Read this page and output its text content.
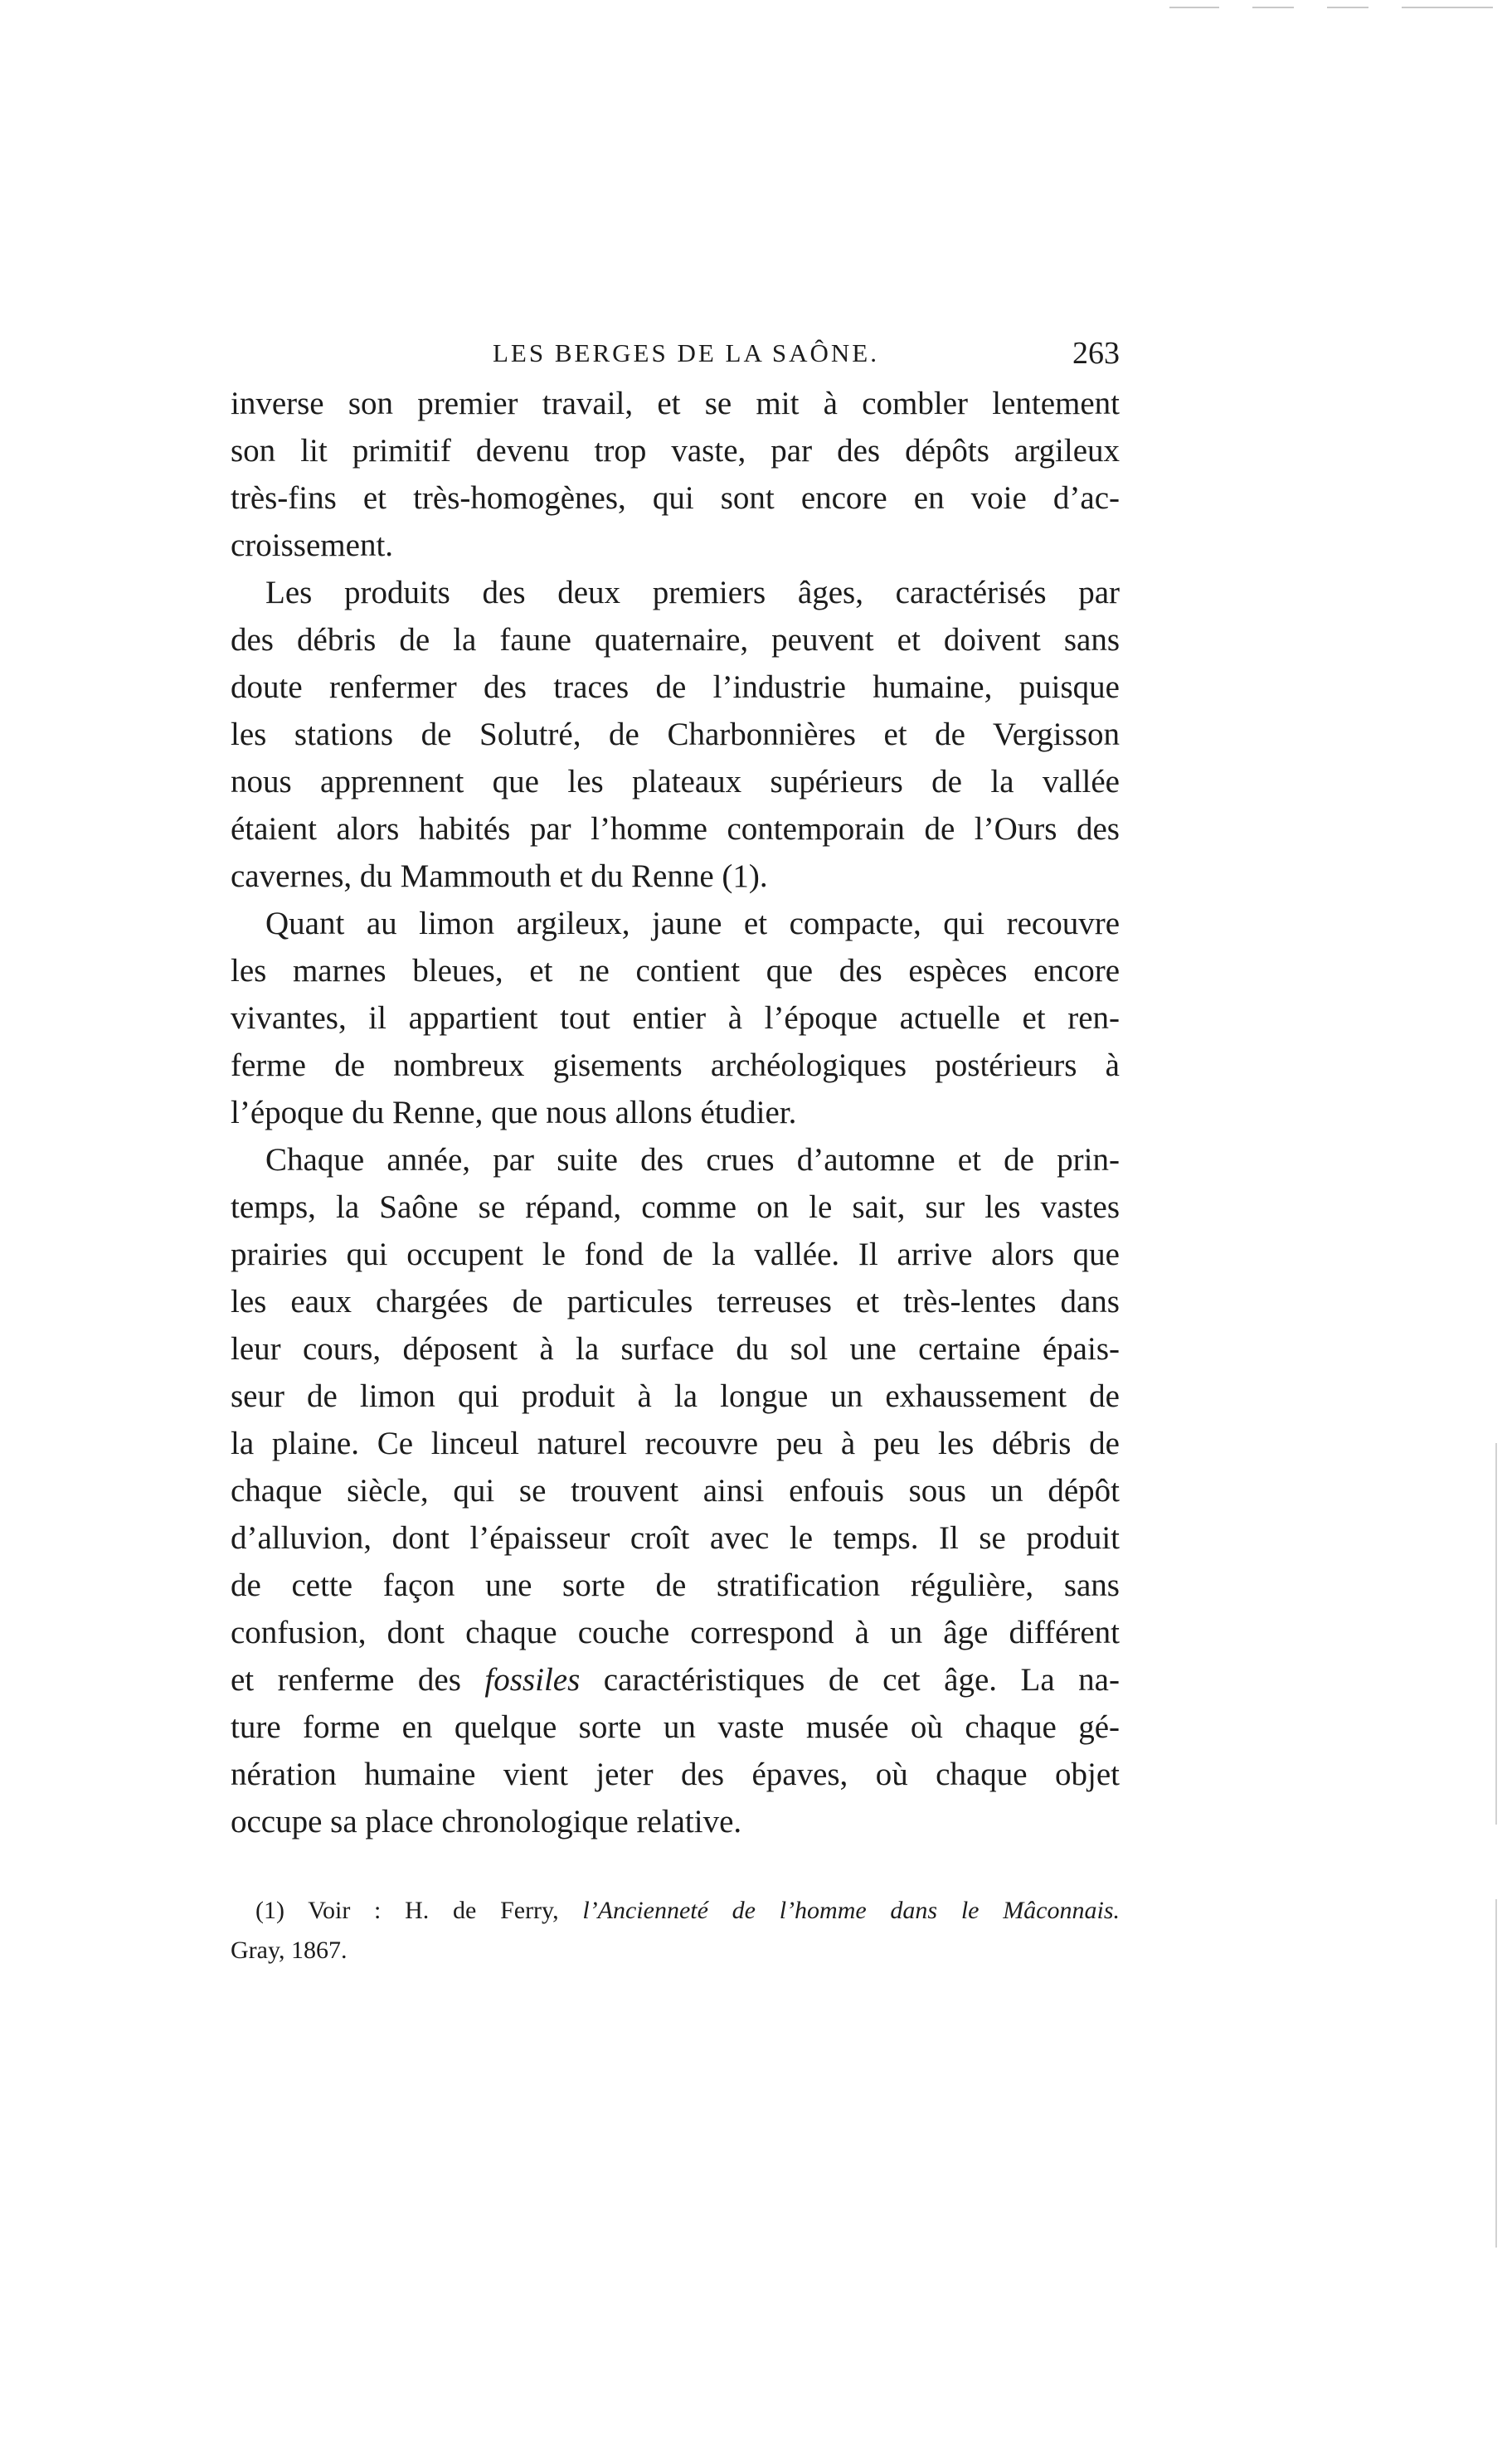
LES BERGES DE LA SAÔNE.	263
inverse son premier travail, et se mit à combler lentement
son lit primitif devenu trop vaste, par des dépôts argileux
très-fins et très-homogènes, qui sont encore en voie d’ac-
croissement.
Les produits des deux premiers âges, caractérisés par
des débris de la faune quaternaire, peuvent et doivent sans
doute renfermer des traces de l’industrie humaine, puisque
les stations de Solutré, de Charbonnières et de Vergisson
nous apprennent que les plateaux supérieurs de la vallée
étaient alors habités par l’homme contemporain de l’Ours des
cavernes, du Mammouth et du Renne (1).
Quant au limon argileux, jaune et compacte, qui recouvre
les marnes bleues, et ne contient que des espèces encore
vivantes, il appartient tout entier à l’époque actuelle et ren-
ferme de nombreux gisements archéologiques postérieurs à
l’époque du Renne, que nous allons étudier.
Chaque année, par suite des crues d’automne et de prin-
temps, la Saône se répand, comme on le sait, sur les vastes
prairies qui occupent le fond de la vallée. Il arrive alors que
les eaux chargées de particules terreuses et très-lentes dans
leur cours, déposent à la surface du sol une certaine épais-
seur de limon qui produit à la longue un exhaussement de
la plaine. Ce linceul naturel recouvre peu à peu les débris de
chaque siècle, qui se trouvent ainsi enfouis sous un dépôt
d’alluvion, dont l’épaisseur croît avec le temps. Il se produit
de cette façon une sorte de stratification régulière, sans
confusion, dont chaque couche correspond à un âge différent
et renferme des fossiles caractéristiques de cet âge. La na-
ture forme en quelque sorte un vaste musée où chaque gé-
nération humaine vient jeter des épaves, où chaque objet
occupe sa place chronologique relative.
(1) Voir : H. de Ferry, l’Ancienneté de l’homme dans le Mâconnais.
Gray, 1867.
